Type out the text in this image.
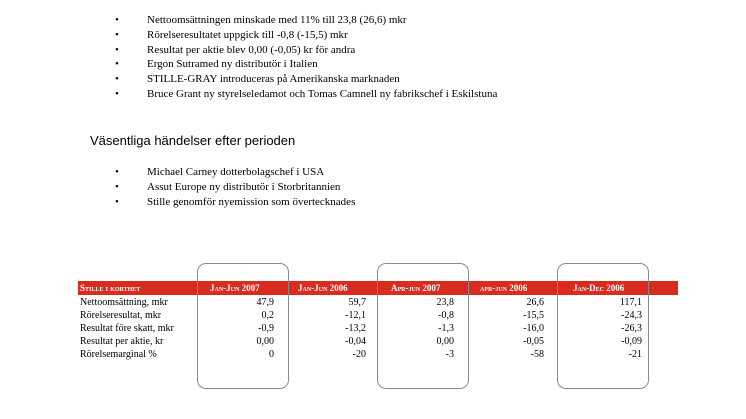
• Nettoomsättningen minskade med 11% till 23,8 (26,6) mkr
• Rörelseresultatet uppgick till -0,8 (-15,5) mkr
• Resultat per aktie blev 0,00 (-0,05) kr för andra
• Ergon Sutramed ny distributör i Italien
• STILLE-GRAY introduceras på Amerikanska marknaden
• Bruce Grant ny styrelseledamot och Tomas Camnell ny fabrikschef i Eskilstuna
Väsentliga händelser efter perioden
• Michael Carney dotterbolagschef i USA
• Assut Europe ny distributör i Storbritannien
• Stille genomför nyemission som övertecknades
Stille i korthet	Jan-Jun 2007	Jan-Jun 2006	Apr-jun 2007	apr-jun 2006	Jan-Dec 2006
Nettoomsättning, mkr	47,9	59,7	23,8	26,6	117,1
Rörelseresultat, mkr	0,2	-12,1	-0,8	-15,5	-24,3
Resultat före skatt, mkr	-0,9	-13,2	-1,3	-16,0	-26,3
Resultat per aktie, kr	0,00	-0,04	0,00	-0,05	-0,09
Rörelsemarginal %	0	-20	-3	-58	-21
